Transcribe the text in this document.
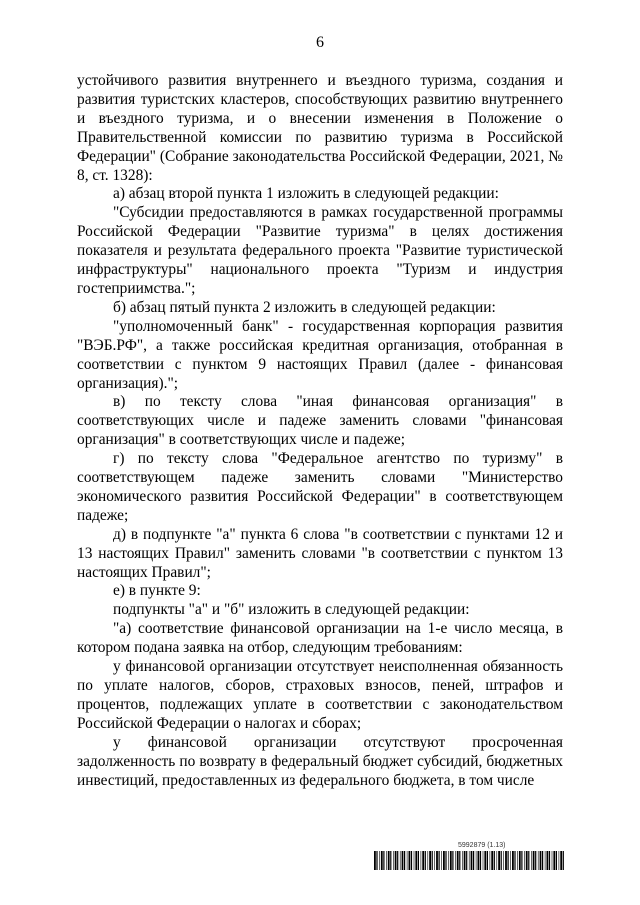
6

устойчивого развития внутреннего и въездного туризма, создания и развития туристских кластеров, способствующих развитию внутреннего и въездного туризма, и о внесении изменения в Положение о Правительственной комиссии по развитию туризма в Российской Федерации" (Собрание законодательства Российской Федерации, 2021, № 8, ст. 1328):

а) абзац второй пункта 1 изложить в следующей редакции:

"Субсидии предоставляются в рамках государственной программы Российской Федерации "Развитие туризма" в целях достижения показателя и результата федерального проекта "Развитие туристической инфраструктуры" национального проекта "Туризм и индустрия гостеприимства.";

б) абзац пятый пункта 2 изложить в следующей редакции:

"уполномоченный банк" - государственная корпорация развития "ВЭБ.РФ", а также российская кредитная организация, отобранная в соответствии с пунктом 9 настоящих Правил (далее - финансовая организация).";

в) по тексту слова "иная финансовая организация" в соответствующих числе и падеже заменить словами "финансовая организация" в соответствующих числе и падеже;

г) по тексту слова "Федеральное агентство по туризму" в соответствующем падеже заменить словами "Министерство экономического развития Российской Федерации" в соответствующем падеже;

д) в подпункте "а" пункта 6 слова "в соответствии с пунктами 12 и 13 настоящих Правил" заменить словами "в соответствии с пунктом 13 настоящих Правил";

е) в пункте 9:

подпункты "а" и "б" изложить в следующей редакции:

"а) соответствие финансовой организации на 1-е число месяца, в котором подана заявка на отбор, следующим требованиям:

у финансовой организации отсутствует неисполненная обязанность по уплате налогов, сборов, страховых взносов, пеней, штрафов и процентов, подлежащих уплате в соответствии с законодательством Российской Федерации о налогах и сборах;

у финансовой организации отсутствуют просроченная задолженность по возврату в федеральный бюджет субсидий, бюджетных инвестиций, предоставленных из федерального бюджета, в том числе

5992879 (1.13)
